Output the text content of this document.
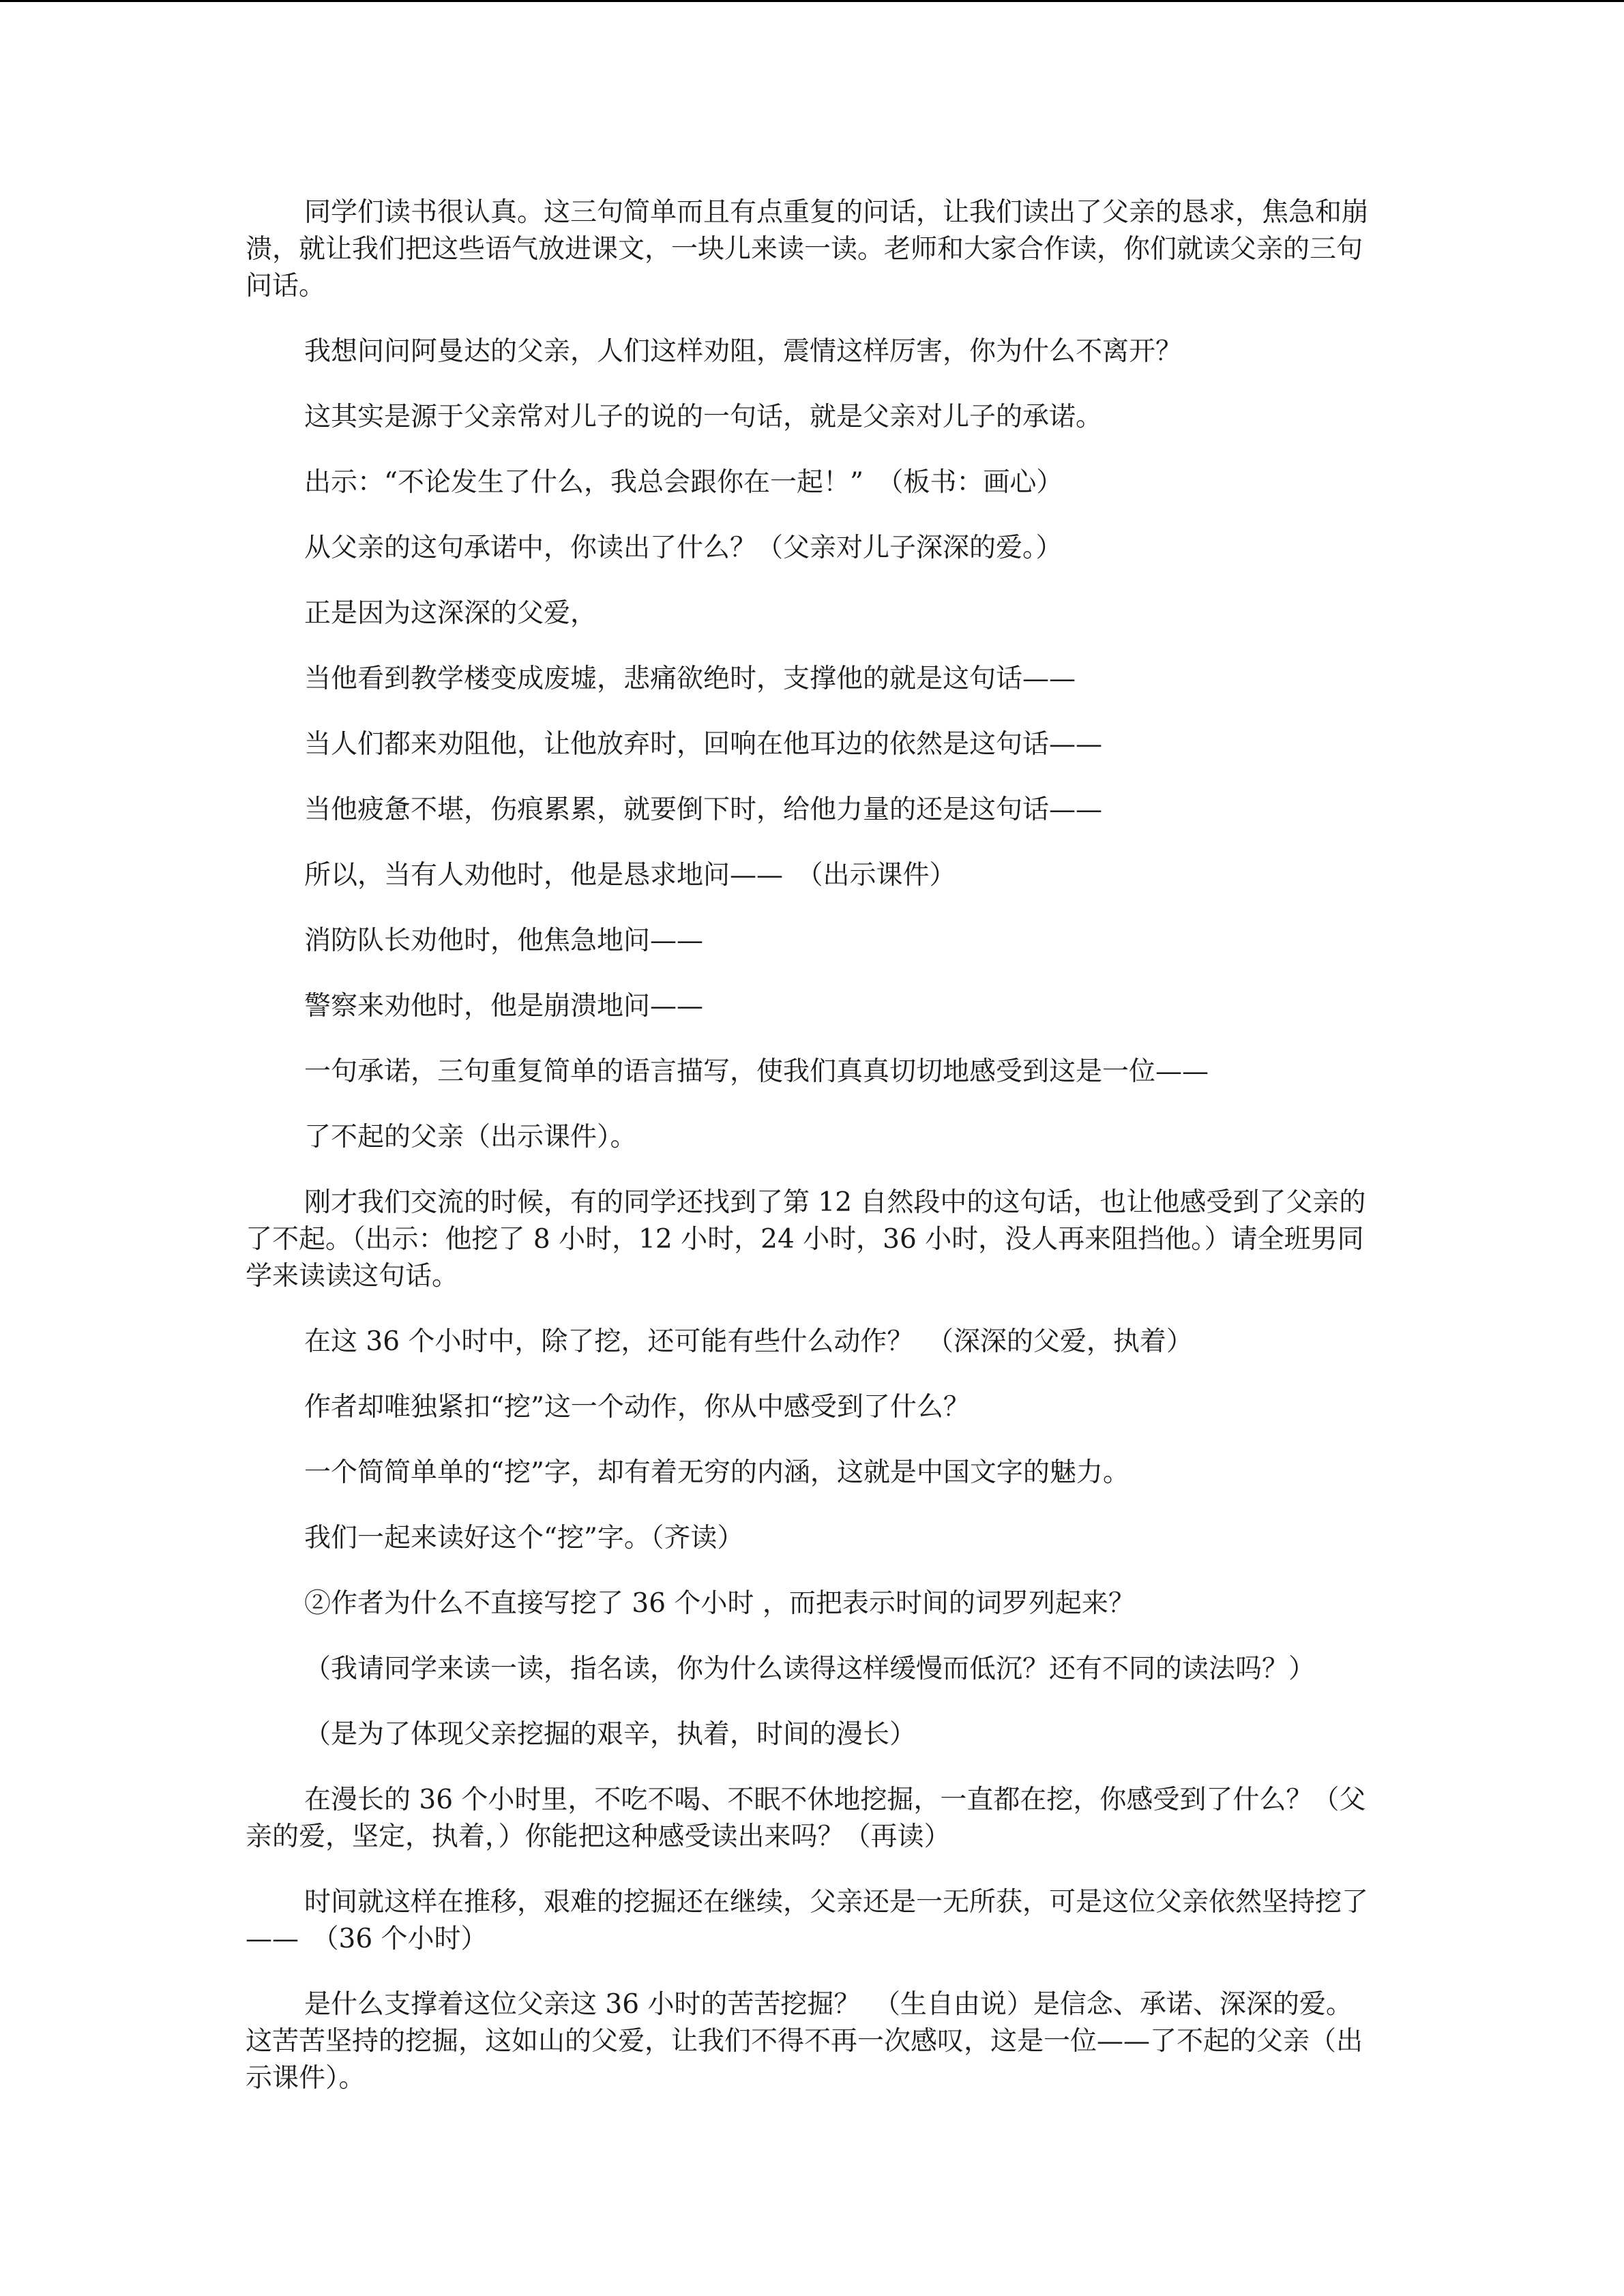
同学们读书很认真。这三句简单而且有点重复的问话，让我们读出了父亲的恳求，焦急和崩溃，就让我们把这些语气放进课文，一块儿来读一读。老师和大家合作读，你们就读父亲的三句问话。

我想问问阿曼达的父亲，人们这样劝阻，震情这样厉害，你为什么不离开？

这其实是源于父亲常对儿子的说的一句话，就是父亲对儿子的承诺。

出示：“不论发生了什么，我总会跟你在一起！”　（板书：画心）

从父亲的这句承诺中，你读出了什么？（父亲对儿子深深的爱。）

正是因为这深深的父爱，

当他看到教学楼变成废墟，悲痛欲绝时，支撑他的就是这句话——

当人们都来劝阻他，让他放弃时，回响在他耳边的依然是这句话——

当他疲惫不堪，伤痕累累，就要倒下时，给他力量的还是这句话——

所以，当有人劝他时，他是恳求地问——　（出示课件）

消防队长劝他时，他焦急地问——

警察来劝他时，他是崩溃地问——

一句承诺，三句重复简单的语言描写，使我们真真切切地感受到这是一位——

了不起的父亲（出示课件）。

刚才我们交流的时候，有的同学还找到了第 12 自然段中的这句话，也让他感受到了父亲的了不起。（出示：他挖了 8 小时，12 小时，24 小时，36 小时，没人再来阻挡他。）请全班男同学来读读这句话。

在这 36 个小时中，除了挖，还可能有些什么动作？　（深深的父爱，执着）

作者却唯独紧扣“挖”这一个动作，你从中感受到了什么？

一个简简单单的“挖”字，却有着无穷的内涵，这就是中国文字的魅力。

我们一起来读好这个“挖”字。（齐读）

②作者为什么不直接写挖了 36 个小时 ，而把表示时间的词罗列起来？

（我请同学来读一读，指名读，你为什么读得这样缓慢而低沉？还有不同的读法吗？）

（是为了体现父亲挖掘的艰辛，执着，时间的漫长）

在漫长的 36 个小时里，不吃不喝、不眠不休地挖掘，一直都在挖，你感受到了什么？（父亲的爱，坚定，执着，）你能把这种感受读出来吗？（再读）

时间就这样在推移，艰难的挖掘还在继续，父亲还是一无所获，可是这位父亲依然坚持挖了——　（36 个小时）

是什么支撑着这位父亲这 36 小时的苦苦挖掘？　（生自由说）是信念、承诺、深深的爱。 这苦苦坚持的挖掘，这如山的父爱，让我们不得不再一次感叹，这是一位——了不起的父亲（出示课件）。
